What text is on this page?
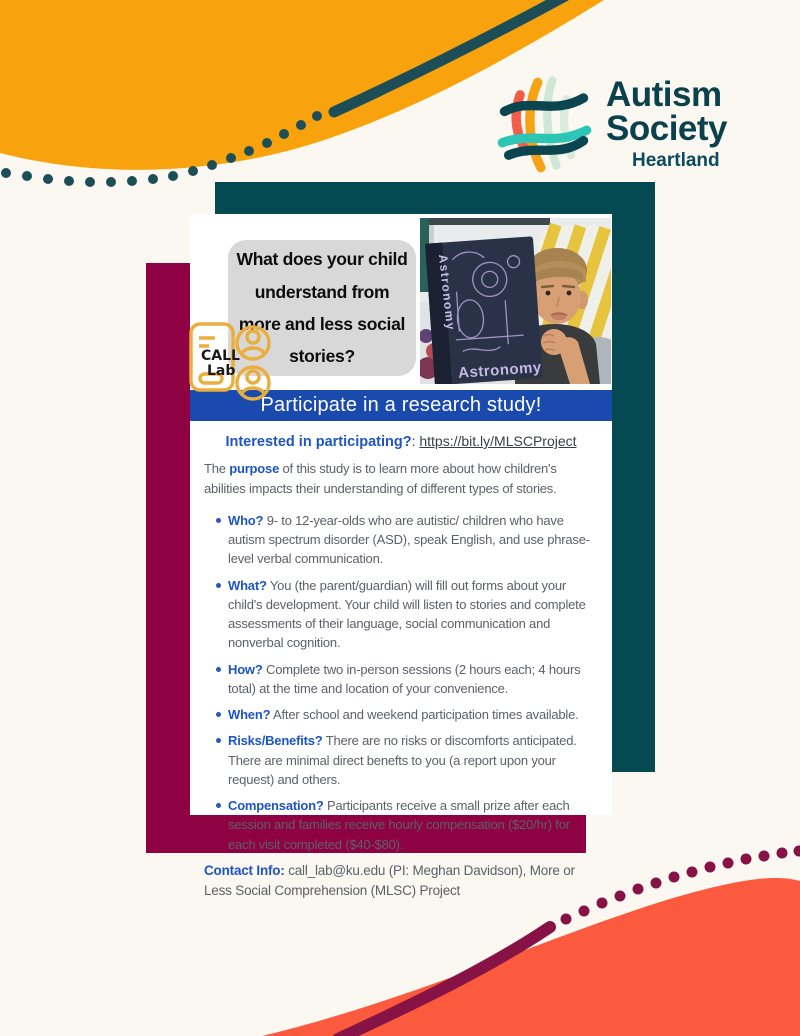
Autism
Society
Heartland
What does your child
understand from
more and less social
stories?
Astronomy
Astronomy
CALL
Lab
Participate in a research study!
Interested in participating?: https://bit.ly/MLSCProject

The purpose of this study is to learn more about how children's abilities impacts their understanding of different types of stories.

Who? 9- to 12-year-olds who are autistic/ children who have autism spectrum disorder (ASD), speak English, and use phrase-level verbal communication.
What? You (the parent/guardian) will fill out forms about your child's development. Your child will listen to stories and complete assessments of their language, social communication and nonverbal cognition.
How? Complete two in-person sessions (2 hours each; 4 hours total) at the time and location of your convenience.
When? After school and weekend participation times available.
Risks/Benefits? There are no risks or discomforts anticipated. There are minimal direct benefts to you (a report upon your request) and others.
Compensation? Participants receive a small prize after each session and families receive hourly compensation ($20/hr) for each visit completed ($40-$80).

Contact Info: call_lab@ku.edu (PI: Meghan Davidson), More or Less Social Comprehension (MLSC) Project
